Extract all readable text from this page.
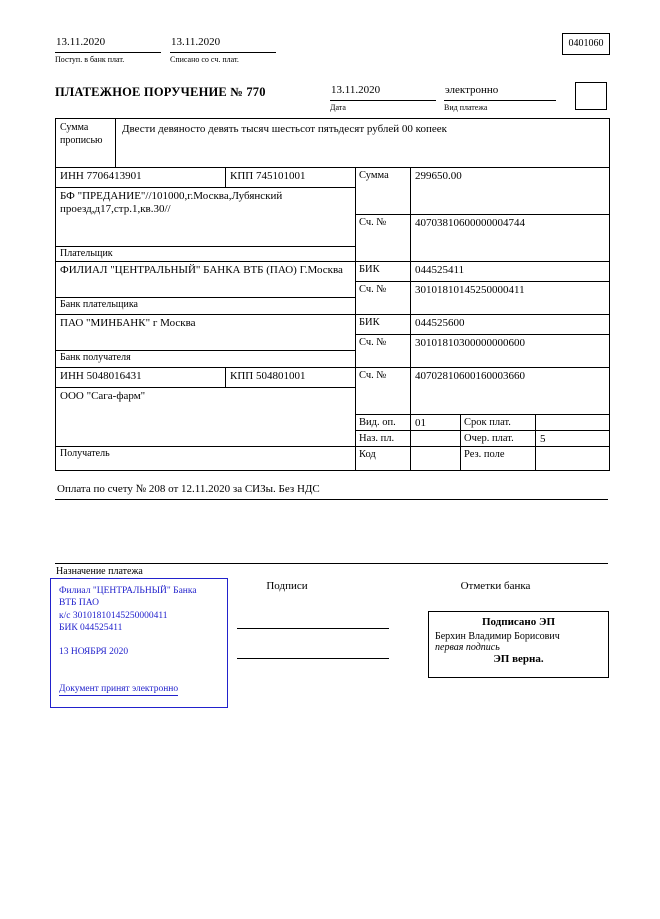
13.11.2020
Поступ. в банк плат.
13.11.2020
Списано со сч. плат.
0401060
ПЛАТЕЖНОЕ ПОРУЧЕНИЕ № 770	13.11.2020
Дата
электронно
Вид платежа
Сумма прописью
Двести девяносто девять тысяч шестьсот пятьдесят рублей 00 копеек
ИНН 7706413901	КПП 745101001	Сумма	299650.00
БФ "ПРЕДАНИЕ"//101000,г.Москва,Лубянский проезд,д17,стр.1,кв.30//
Сч. №	40703810600000004744
Плательщик
ФИЛИАЛ "ЦЕНТРАЛЬНЫЙ" БАНКА ВТБ (ПАО) Г.Москва	БИК	044525411
Сч. №	30101810145250000411
Банк плательщика
ПАО "МИНБАНК" г Москва	БИК	044525600
Сч. №	30101810300000000600
Банк получателя
ИНН 5048016431	КПП 504801001	Сч. №	40702810600160003660
ООО "Сага-фарм"
Вид. оп.	01	Срок плат.
Наз. пл.	Очер. плат.	5
Получатель	Код	Рез. поле
Оплата по счету № 208 от 12.11.2020 за СИЗы. Без НДС
Назначение платежа
Подписи	Отметки банка
Филиал "ЦЕНТРАЛЬНЫЙ" Банка
ВТБ ПАО
к/с 30101810145250000411
БИК 044525411
13 НОЯБРЯ 2020
Документ принят электронно
Подписано ЭП
Берхин Владимир Борисович
первая подпись
ЭП верна.
